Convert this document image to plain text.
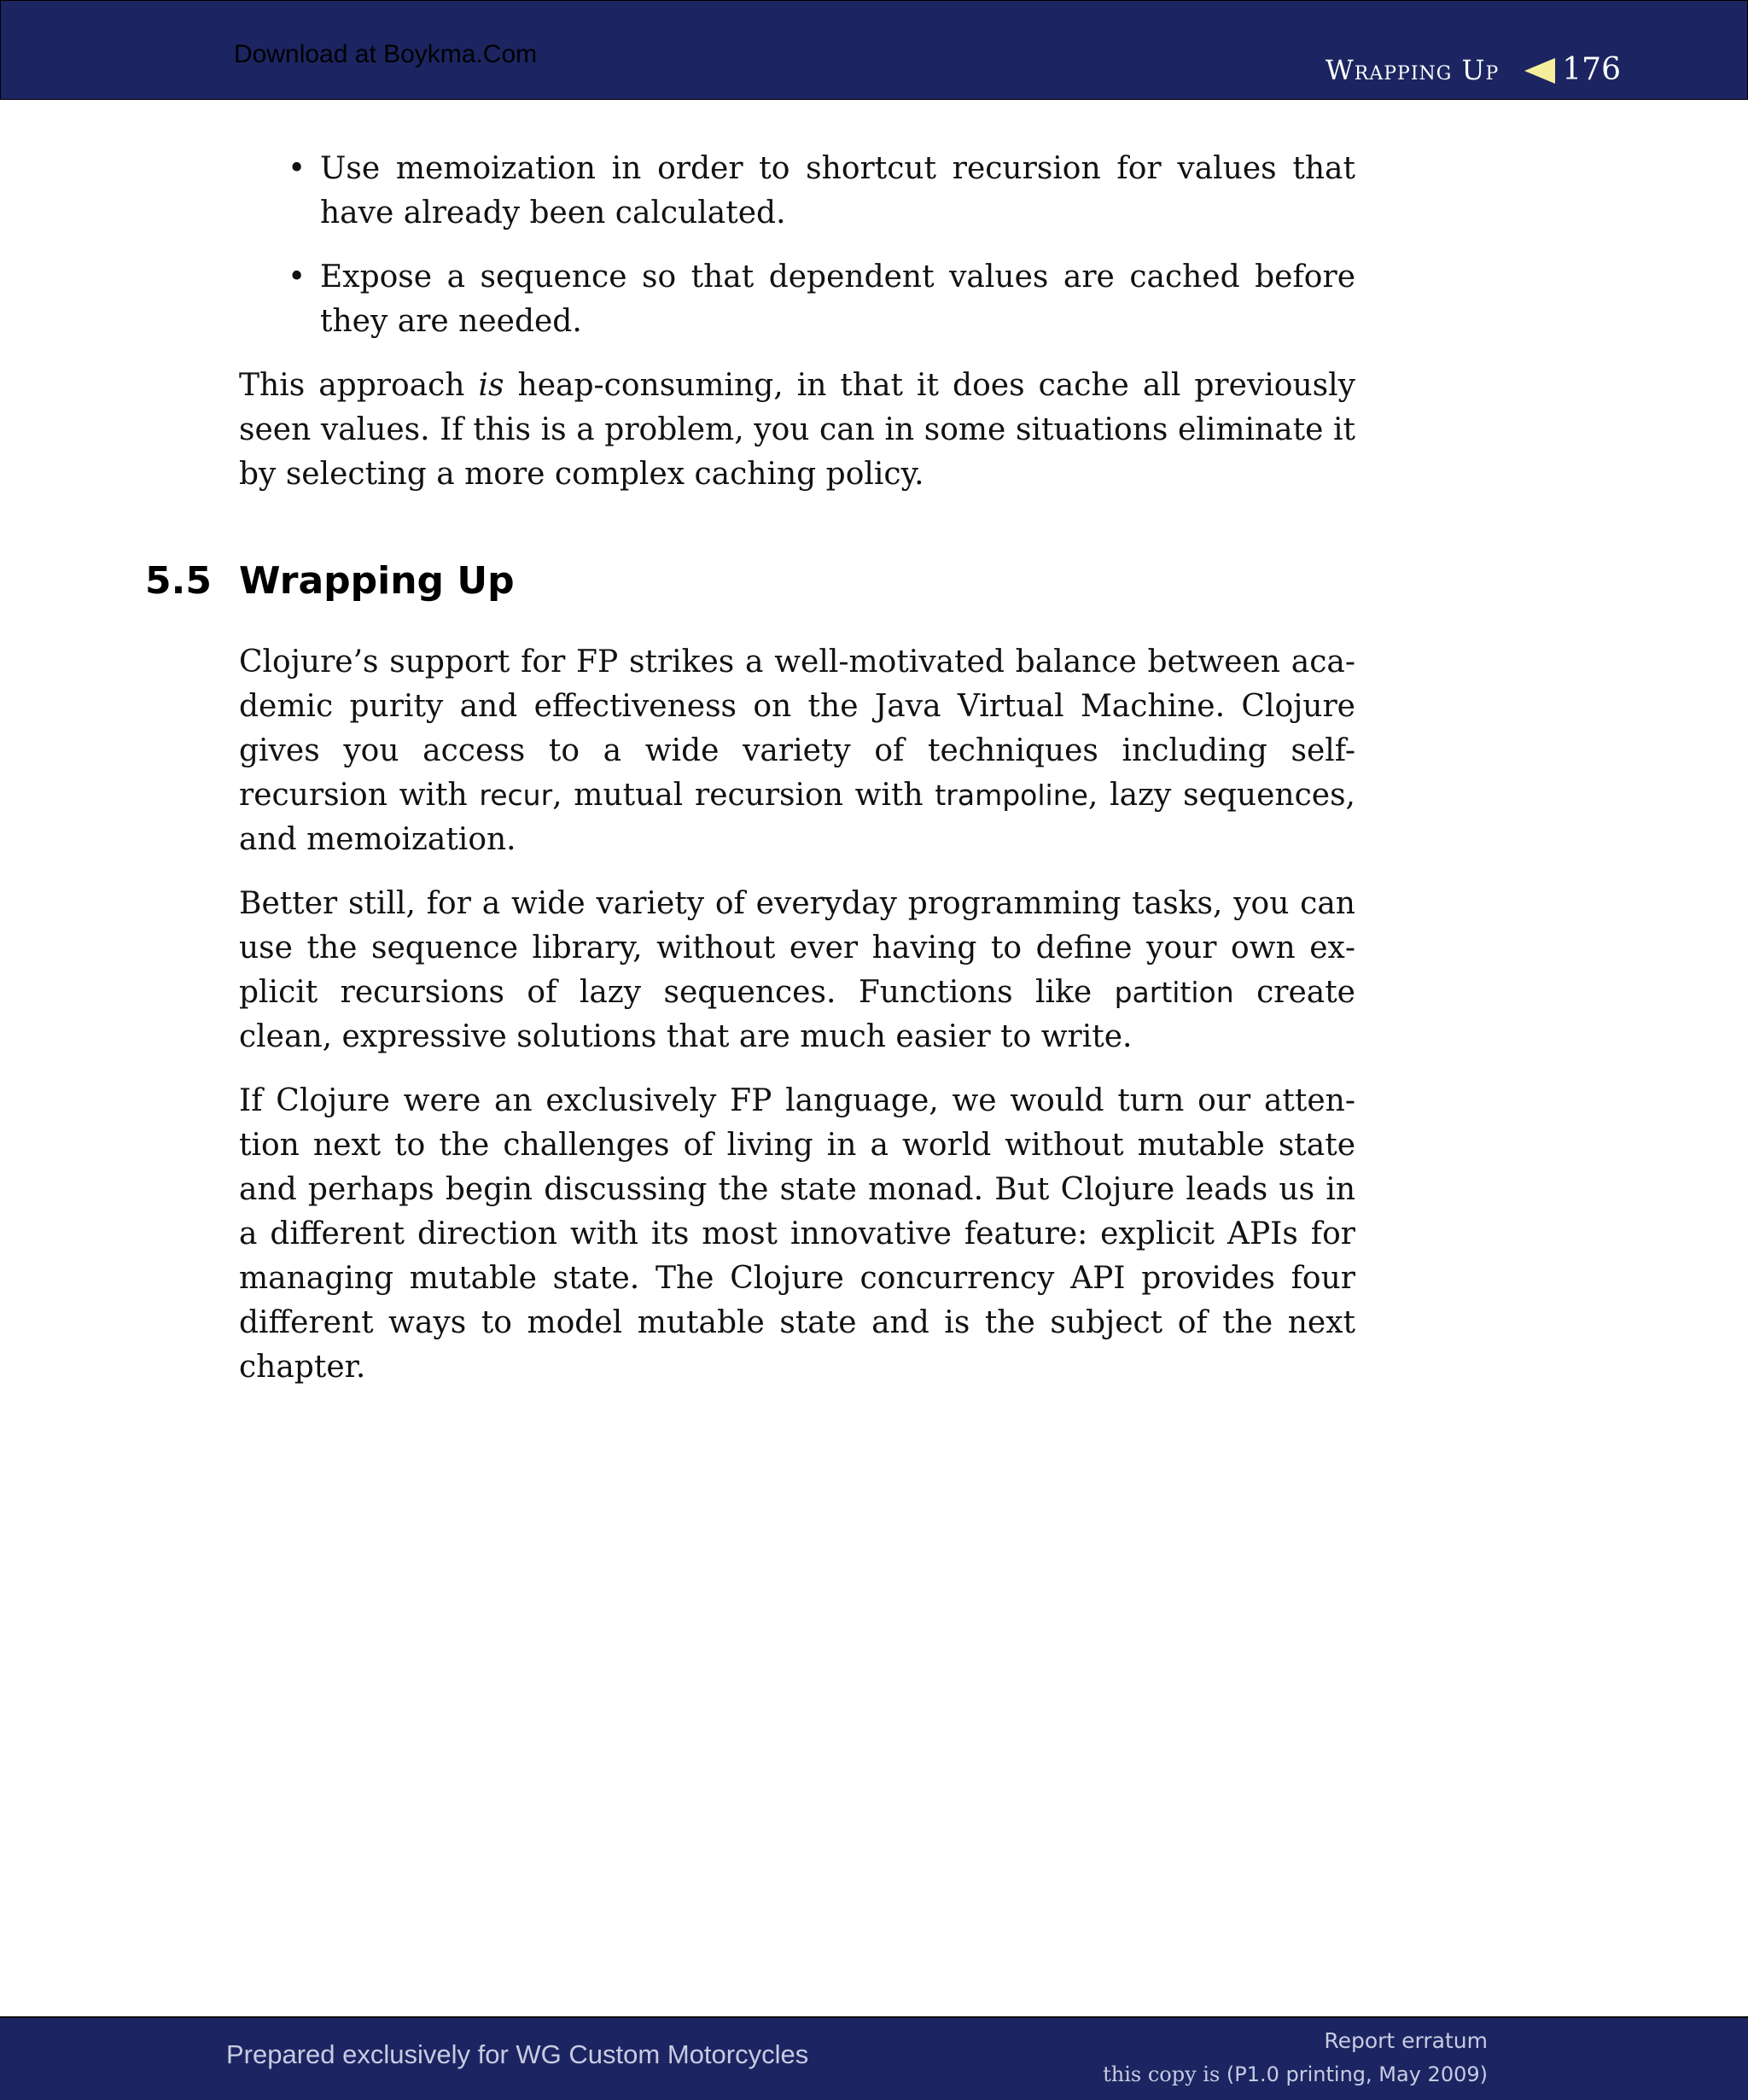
Download at Boykma.Com	Wrapping Up 176
• Use memoization in order to shortcut recursion for values that have already been calculated.
• Expose a sequence so that dependent values are cached before they are needed.

This approach is heap-consuming, in that it does cache all previously seen values. If this is a problem, you can in some situations eliminate it by selecting a more complex caching policy.

5.5 Wrapping Up

Clojure’s support for FP strikes a well-motivated balance between academic purity and effectiveness on the Java Virtual Machine. Clojure gives you access to a wide variety of techniques including self-recursion with recur, mutual recursion with trampoline, lazy sequences, and memoization.

Better still, for a wide variety of everyday programming tasks, you can use the sequence library, without ever having to define your own explicit recursions of lazy sequences. Functions like partition create clean, expressive solutions that are much easier to write.

If Clojure were an exclusively FP language, we would turn our attention next to the challenges of living in a world without mutable state and perhaps begin discussing the state monad. But Clojure leads us in a different direction with its most innovative feature: explicit APIs for managing mutable state. The Clojure concurrency API provides four different ways to model mutable state and is the subject of the next chapter.

Prepared exclusively for WG Custom Motorcycles	Report erratum
this copy is (P1.0 printing, May 2009)
